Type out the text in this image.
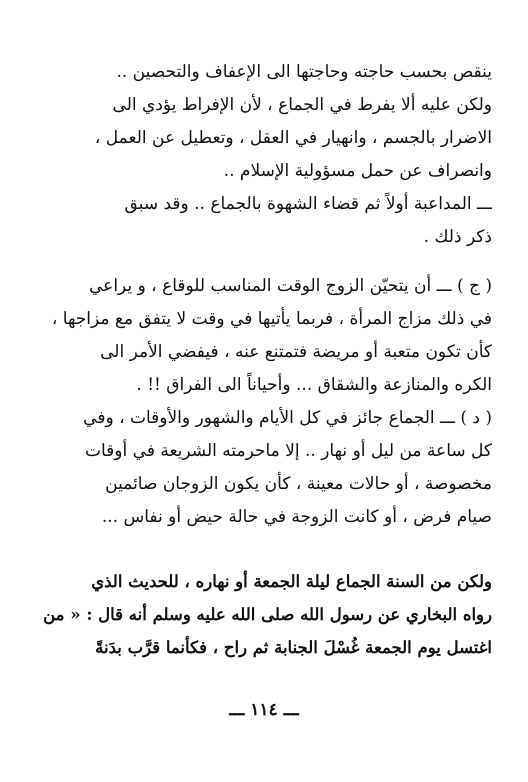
ينقص بحسب حاجته وحاجتها الى الإعفاف والتحصين ..
ولكن عليه ألا يفرط في الجماع ، لأن الإفراط يؤدي الى
الاضرار بالجسم ، وانهيار في العقل ، وتعطيل عن العمل ،
وانصراف عن حمل مسؤولية الإسلام ..
ـــ المداعبة أولاً ثم قضاء الشهوة بالجماع .. وقد سبق
ذكر ذلك .
( ج ) ـــ أن يتحيّن الزوج الوقت المناسب للوقاع ، و يراعي
في ذلك مزاج المرأة ، فربما يأتيها في وقت لا يتفق مع مزاجها ،
كأن تكون متعبة أو مريضة فتمتنع عنه ، فيفضي الأمر الى
الكره والمنازعة والشقاق ... وأحياناً الى الفراق !! .
( د ) ـــ الجماع جائز في كل الأيام والشهور والأوقات ، وفي
كل ساعة من ليل أو نهار .. إلا ماحرمته الشريعة في أوقات
مخصوصة ، أو حالات معينة ، كأن يكون الزوجان صائمين
صيام فرض ، أو كانت الزوجة في حالة حيض أو نفاس ...
ولكن من السنة الجماع ليلة الجمعة أو نهاره ، للحديث الذي
رواه البخاري عن رسول الله صلى الله عليه وسلم أنه قال : « من
اغتسل يوم الجمعة غُسْلَ الجنابة ثم راح ، فكأنما قرَّب بدَنةً
ـــ ١١٤ ـــ
